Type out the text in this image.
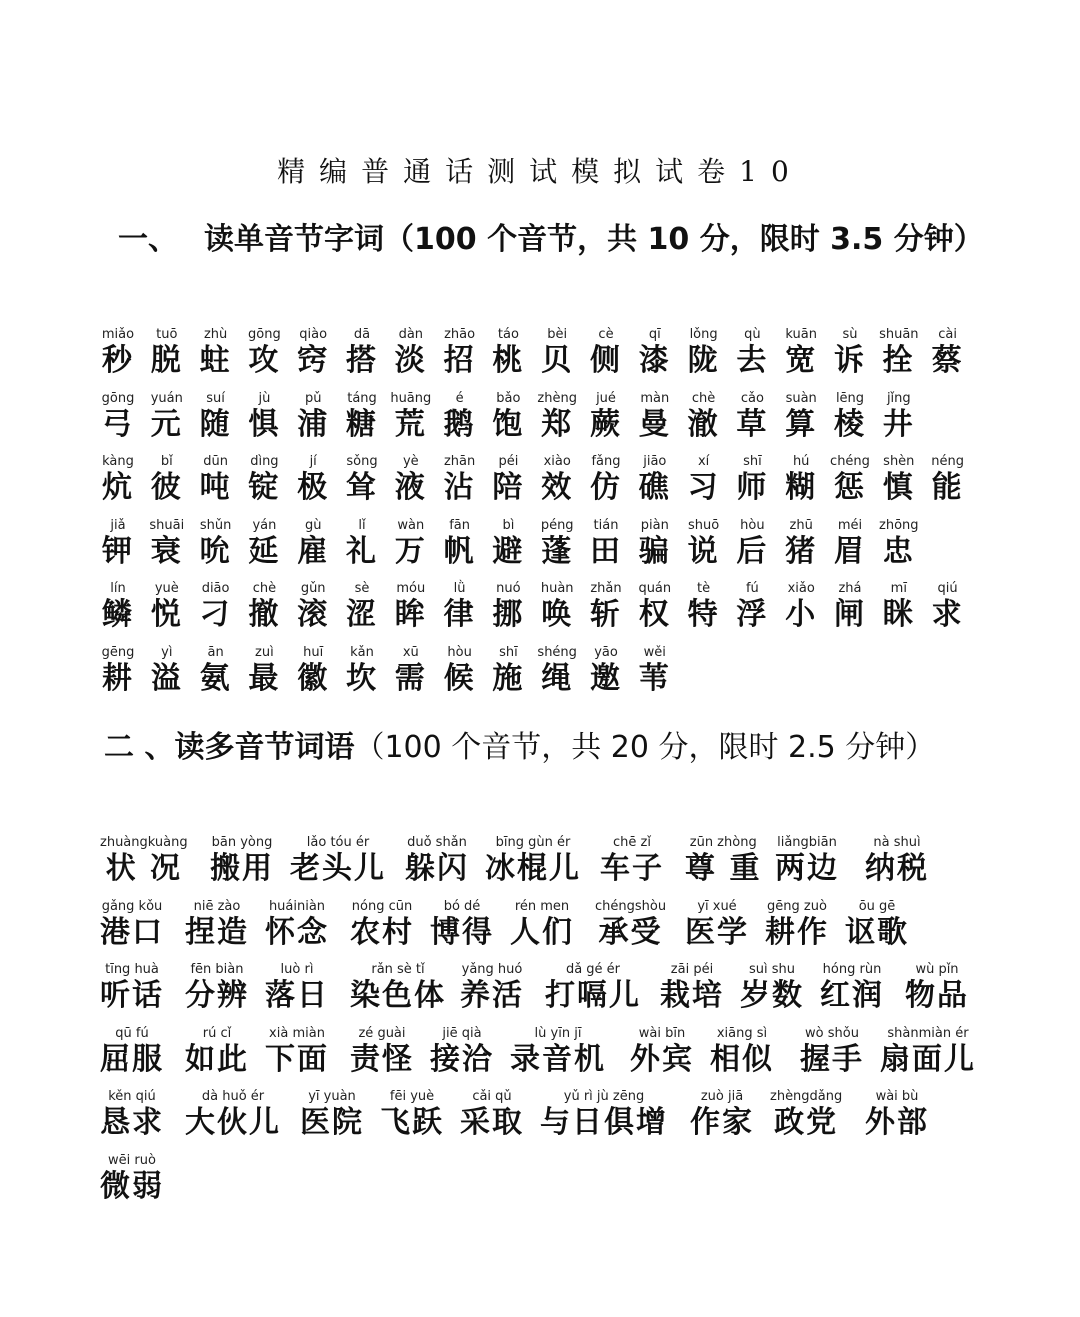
精编普通话测试模拟试卷10
一、 读单音节字词（100 个音节，共 10 分，限时 3.5 分钟）
miǎo
秒
tuō
脱
zhù
蛀
gōng
攻
qiào
窍
dā
搭
dàn
淡
zhāo
招
táo
桃
bèi
贝
cè
侧
qī
漆
lǒng
陇
qù
去
kuān
宽
sù
诉
shuān
拴
cài
蔡
gōng
弓
yuán
元
suí
随
jù
惧
pǔ
浦
táng
糖
huāng
荒
é
鹅
bǎo
饱
zhèng
郑
jué
蕨
màn
曼
chè
澈
cǎo
草
suàn
算
lēng
棱
jǐng
井
kàng
炕
bǐ
彼
dūn
吨
dìng
锭
jí
极
sǒng
耸
yè
液
zhān
沾
péi
陪
xiào
效
fǎng
仿
jiāo
礁
xí
习
shī
师
hú
糊
chéng
惩
shèn
慎
néng
能
jiǎ
钾
shuāi
衰
shǔn
吮
yán
延
gù
雇
lǐ
礼
wàn
万
fān
帆
bì
避
péng
蓬
tián
田
piàn
骗
shuō
说
hòu
后
zhū
猪
méi
眉
zhōng
忠
lín
鳞
yuè
悦
diāo
刁
chè
撤
gǔn
滚
sè
涩
móu
眸
lǜ
律
nuó
挪
huàn
唤
zhǎn
斩
quán
权
tè
特
fú
浮
xiǎo
小
zhá
闸
mī
眯
qiú
求
gēng
耕
yì
溢
ān
氨
zuì
最
huī
徽
kǎn
坎
xū
需
hòu
候
shī
施
shéng
绳
yāo
邀
wěi
苇
二 、读多音节词语（100 个音节，共 20 分，限时 2.5 分钟）
zhuàngkuàng
状 况
bān yòng
搬用
lǎo tóu ér
老头儿
duǒ shǎn
躲闪
bīng gùn ér
冰棍儿
chē zǐ
车子
zūn zhòng
尊 重
liǎngbiān
两边
nà shuì
纳税
gǎng kǒu
港口
niē zào
捏造
huáiniàn
怀念
nóng cūn
农村
bó dé
博得
rén men
人们
chéngshòu
承受
yī xué
医学
gēng zuò
耕作
ōu gē
讴歌
tīng huà
听话
fēn biàn
分辨
luò rì
落日
rǎn sè tǐ
染色体
yǎng huó
养活
dǎ gé ér
打嗝儿
zāi péi
栽培
suì shu
岁数
hóng rùn
红润
wù pǐn
物品
qū fú
屈服
rú cǐ
如此
xià miàn
下面
zé guài
责怪
jiē qià
接洽
lù yīn jī
录音机
wài bīn
外宾
xiāng sì
相似
wò shǒu
握手
shànmiàn ér
扇面儿
kěn qiú
恳求
dà huǒ ér
大伙儿
yī yuàn
医院
fēi yuè
飞跃
cǎi qǔ
采取
yǔ rì jù zēng
与日俱增
zuò jiā
作家
zhèngdǎng
政党
wài bù
外部
wēi ruò
微弱
